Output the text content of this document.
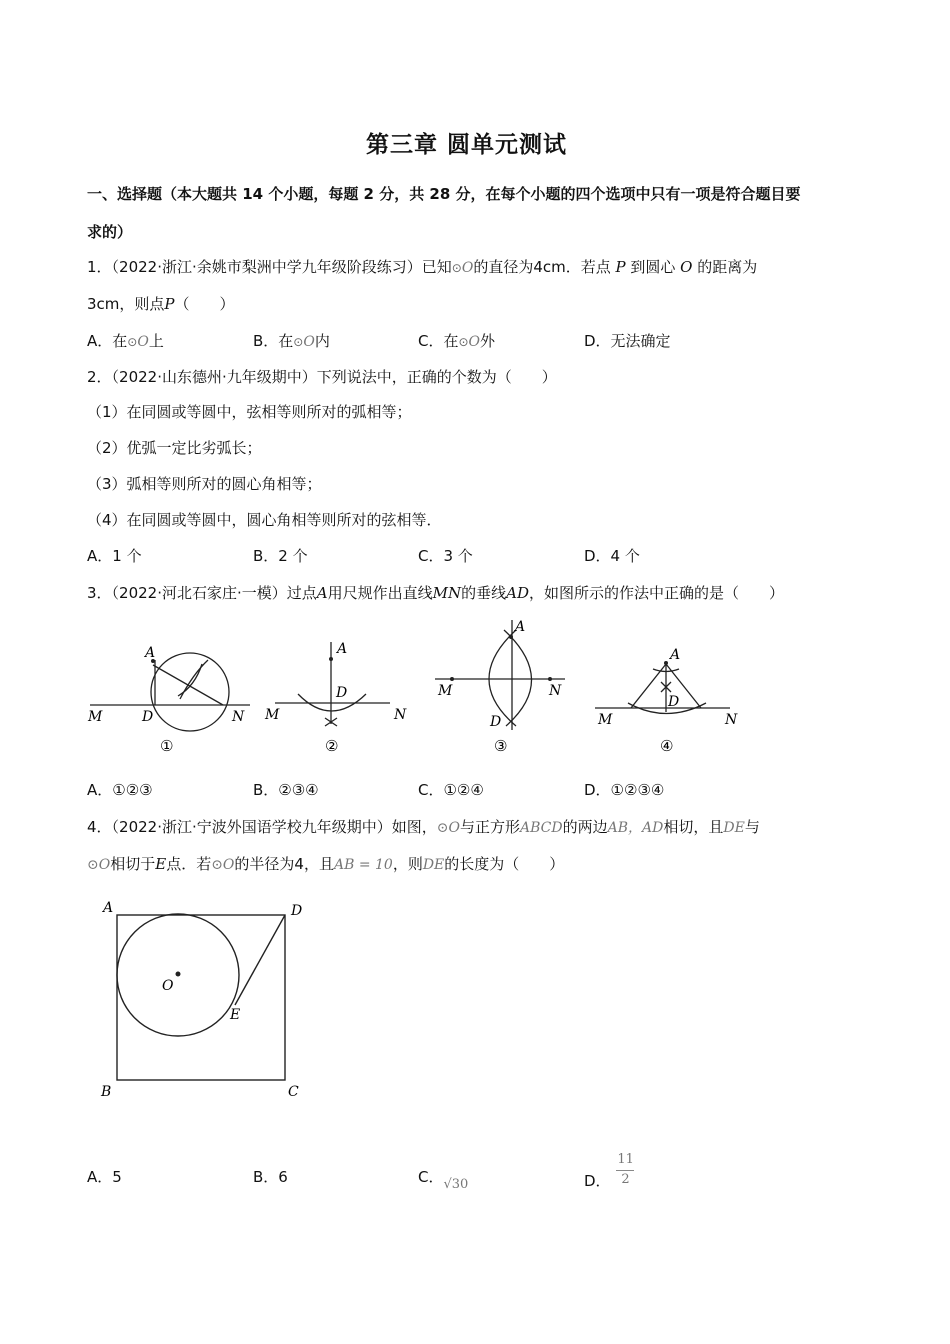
第三章 圆单元测试
一、选择题（本大题共 14 个小题，每题 2 分，共 28 分，在每个小题的四个选项中只有一项是符合题目要
求的）
1．（2022·浙江·余姚市梨洲中学九年级阶段练习）已知⊙O的直径为4cm．若点 P 到圆心 O 的距离为
3cm，则点P（　　）
A．在⊙O上	B．在⊙O内	C．在⊙O外	D．无法确定
2．（2022·山东德州·九年级期中）下列说法中，正确的个数为（　　）
（1）在同圆或等圆中，弦相等则所对的弧相等；
（2）优弧一定比劣弧长；
（3）弧相等则所对的圆心角相等；
（4）在同圆或等圆中，圆心角相等则所对的弦相等．
A．1 个	B．2 个	C．3 个	D．4 个
3．（2022·河北石家庄·一模）过点A用尺规作出直线MN的垂线AD，如图所示的作法中正确的是（　　）
A
D
M	N
①
A
D
M	N
②
A
D
M	N
③
A
D
M	N
④
A．①②③	B．②③④	C．①②④	D．①②③④
4．（2022·浙江·宁波外国语学校九年级期中）如图，⊙O与正方形ABCD的两边AB，AD相切，且DE与
⊙O相切于E点．若⊙O的半径为4，且AB = 10，则DE的长度为（　　）
A	D
B	C
O
E
A．5	B．6	C．√30	D． $\frac{11}{2}$
